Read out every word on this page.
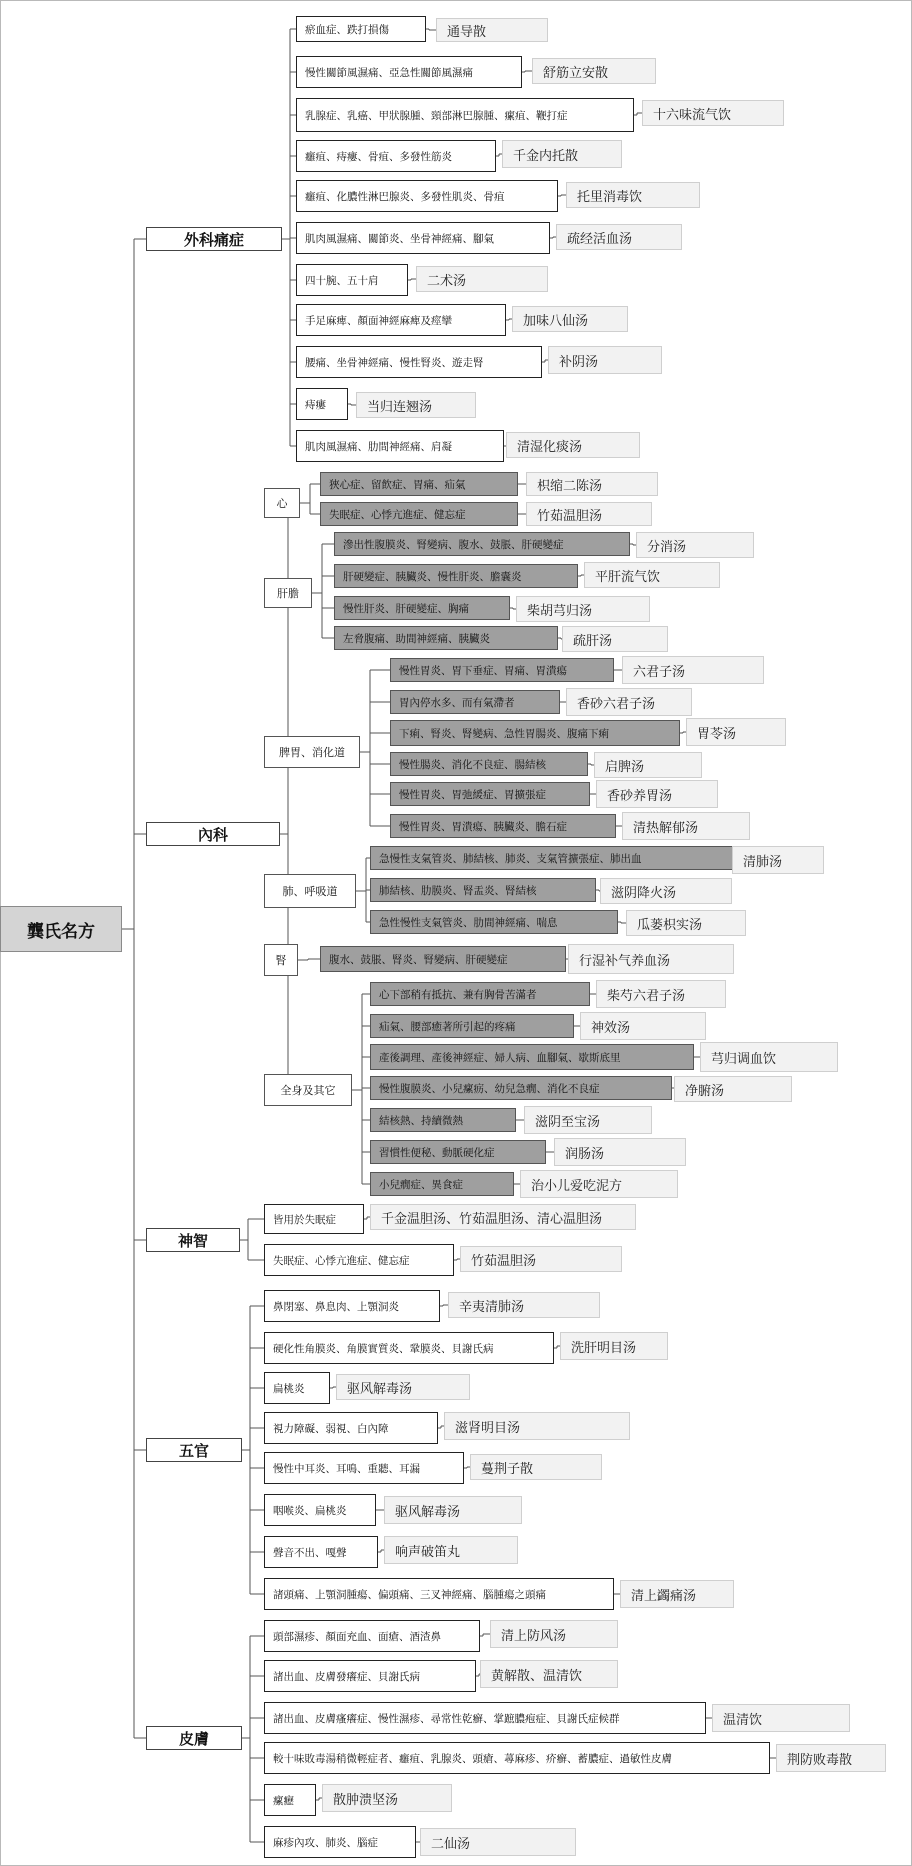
龔氏名方
外科痛症
瘀血症、跌打損傷	通导散
慢性關節風濕痛、亞急性關節風濕痛	舒筋立安散
乳腺症、乳癌、甲狀腺腫、頸部淋巴腺腫、瘰疽、鞭打症	十六味流气饮
癰疽、痔瘻、骨疽、多發性筋炎	千金内托散
癰疽、化膿性淋巴腺炎、多發性肌炎、骨疽	托里消毒饮
肌肉風濕痛、關節炎、坐骨神經痛、腳氣	疏经活血汤
四十腕、五十肩	二术汤
手足麻痺、顏面神經麻痺及痙攣	加味八仙汤
腰痛、坐骨神經痛、慢性腎炎、遊走腎	补阴汤
痔瘻	当归连翘汤
肌肉風濕痛、肋間神經痛、肩凝	清湿化痰汤
內科
心
狹心症、留飲症、胃痛、疝氣	枳缩二陈汤
失眠症、心悸亢進症、健忘症	竹茹温胆汤
肝膽
滲出性腹膜炎、腎變病、腹水、鼓脹、肝硬變症	分消汤
肝硬變症、胰臟炎、慢性肝炎、膽囊炎	平肝流气饮
慢性肝炎、肝硬變症、胸痛	柴胡芎归汤
左脅腹痛、助間神經痛、胰臟炎	疏肝汤
脾胃、消化道
慢性胃炎、胃下垂症、胃痛、胃潰瘍	六君子汤
胃內停水多、而有氣滯者	香砂六君子汤
下痢、腎炎、腎變病、急性胃腸炎、腹痛下痢	胃苓汤
慢性腸炎、消化不良症、腸結核	启脾汤
慢性胃炎、胃弛緩症、胃擴張症	香砂养胃汤
慢性胃炎、胃潰瘍、胰臟炎、膽石症	清热解郁汤
肺、呼吸道
急慢性支氣管炎、肺結核、肺炎、支氣管擴張症、肺出血	清肺汤
肺結核、肋膜炎、腎盂炎、腎結核	滋阴降火汤
急性慢性支氣管炎、肋間神經痛、喘息	瓜蒌枳实汤
腎	腹水、鼓脹、腎炎、腎變病、肝硬變症	行湿补气养血汤
全身及其它
心下部稍有抵抗、兼有胸骨苦滿者	柴芍六君子汤
疝氣、腰部癒著所引起的疼痛	神效汤
產後調理、產後神經症、婦人病、血腳氣、歇斯底里	芎归调血饮
慢性腹膜炎、小兒瘰疬、幼兒急癇、消化不良症	净腑汤
結核熱、持續微熱	滋阴至宝汤
習慣性便秘、動脈硬化症	润肠汤
小兒癇症、異食症	治小儿爱吃泥方
神智
皆用於失眠症	千金温胆汤、竹茹温胆汤、清心温胆汤
失眠症、心悸亢進症、健忘症	竹茹温胆汤
五官
鼻閉塞、鼻息肉、上顎洞炎	辛夷清肺汤
硬化性角膜炎、角膜實質炎、鞏膜炎、貝謝氏病	洗肝明目汤
扁桃炎	驱风解毒汤
視力障礙、弱視、白內障	滋肾明目汤
慢性中耳炎、耳鳴、重聽、耳漏	蔓荆子散
咽喉炎、扁桃炎	驱风解毒汤
聲音不出、嘎聲	响声破笛丸
諸頭痛、上顎洞腫瘍、偏頭痛、三叉神經痛、腦腫瘍之頭痛	清上蠲痛汤
皮膚
頭部濕疹、顏面充血、面瘡、酒渣鼻	清上防风汤
諸出血、皮膚發癢症、貝謝氏病	黄解散、温清饮
諸出血、皮膚瘙癢症、慢性濕疹、尋常性乾癬、掌蹠膿疱症、貝謝氏症候群	温清饮
較十味敗毒湯稍微輕症者、癰疽、乳腺炎、頭瘡、蕁麻疹、疥癬、蓄膿症、過敏性皮膚	荆防败毒散
瘰癧	散肿溃坚汤
麻疹內攻、肺炎、腦症	二仙汤
